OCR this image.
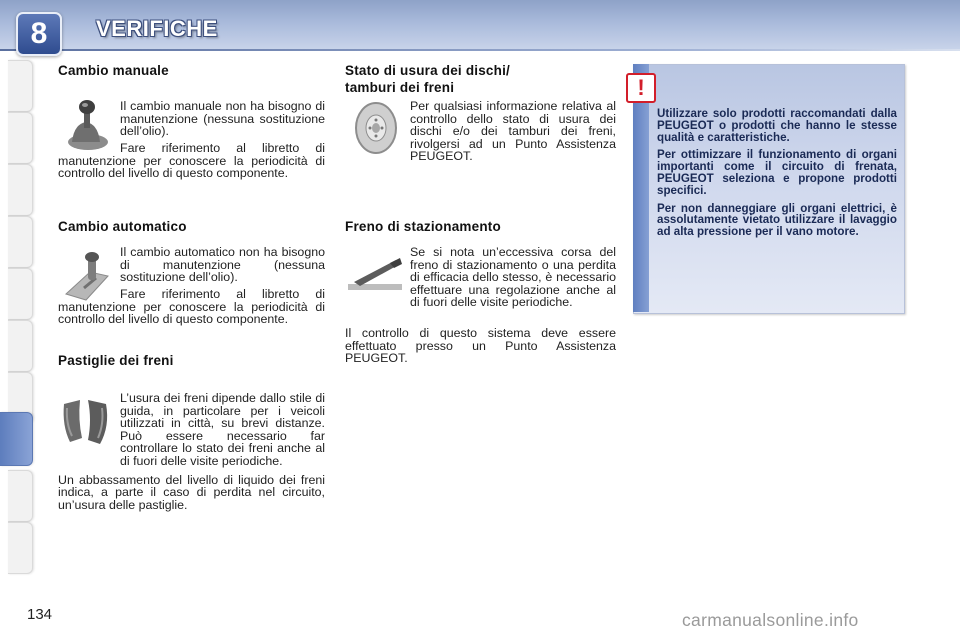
8	VERIFICHE
Cambio manuale

Il cambio manuale non ha bisogno di manutenzione (nessuna sostituzione dell’olio).

Fare riferimento al libretto di manutenzione per conoscere la periodicità di controllo del livello di questo componente.

Cambio automatico

Il cambio automatico non ha bisogno di manutenzione (nessuna sostituzione dell’olio).

Fare riferimento al libretto di manutenzione per conoscere la periodicità di controllo del livello di questo componente.

Pastiglie dei freni

L’usura dei freni dipende dallo stile di guida, in particolare per i veicoli utilizzati in città, su brevi distanze. Può essere necessario far controllare lo stato dei freni anche al di fuori delle visite periodiche.

Un abbassamento del livello di liquido dei freni indica, a parte il caso di perdita nel circuito, un’usura delle pastiglie.

Stato di usura dei dischi/
tamburi dei freni

Per qualsiasi informazione relativa al controllo dello stato di usura dei dischi e/o dei tamburi dei freni, rivolgersi ad un Punto Assistenza PEUGEOT.

Freno di stazionamento

Se si nota un’eccessiva corsa del freno di stazionamento o una perdita di efficacia dello stesso, è necessario effettuare una regolazione anche al di fuori delle visite periodiche.

Il controllo di questo sistema deve essere effettuato presso un Punto Assistenza PEUGEOT.

!

Utilizzare solo prodotti raccomandati dalla PEUGEOT o prodotti che hanno le stesse qualità e caratteristiche.

Per ottimizzare il funzionamento di organi importanti come il circuito di frenata, PEUGEOT seleziona e propone prodotti specifici.

Per non danneggiare gli organi elettrici, è assolutamente vietato utilizzare il lavaggio ad alta pressione per il vano motore.

134	carmanualsonline.info
